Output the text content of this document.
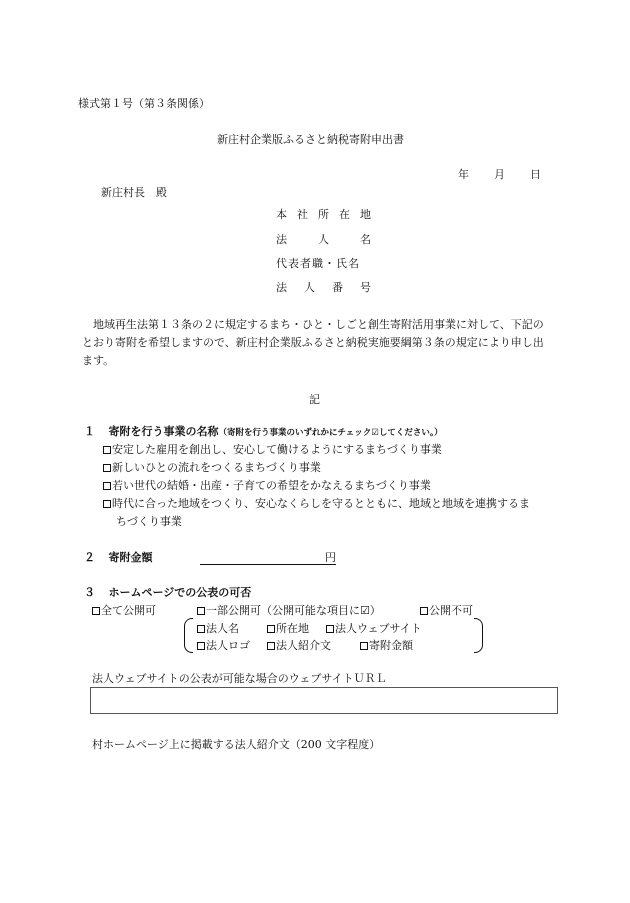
様式第１号（第３条関係）
新庄村企業版ふるさと納税寄附申出書
年 月 日
新庄村長　殿
本 社 所 在 地
法	人	名
代表者職・氏名
法 人 番 号
地域再生法第１３条の２に規定するまち・ひと・しごと創生寄附活用事業に対して、下記のとおり寄附を希望しますので、新庄村企業版ふるさと納税実施要綱第３条の規定により申し出ます。
記
１ 寄附を行う事業の名称（寄附を行う事業のいずれかにチェック☑してください。）
安定した雇用を創出し、安心して働けるようにするまちづくり事業
新しいひとの流れをつくるまちづくり事業
若い世代の結婚・出産・子育ての希望をかなえるまちづくり事業
時代に合った地域をつくり、安心なくらしを守るとともに、地域と地域を連携するま
ちづくり事業
２ 寄附金額	円
３ ホームページでの公表の可否
全て公開可	一部公開可（公開可能な項目に☑）	公開不可
法人名	所在地	法人ウェブサイト
法人ロゴ	法人紹介文	寄附金額
法人ウェブサイトの公表が可能な場合のウェブサイトＵＲＬ
村ホームページ上に掲載する法人紹介文（200 文字程度）
